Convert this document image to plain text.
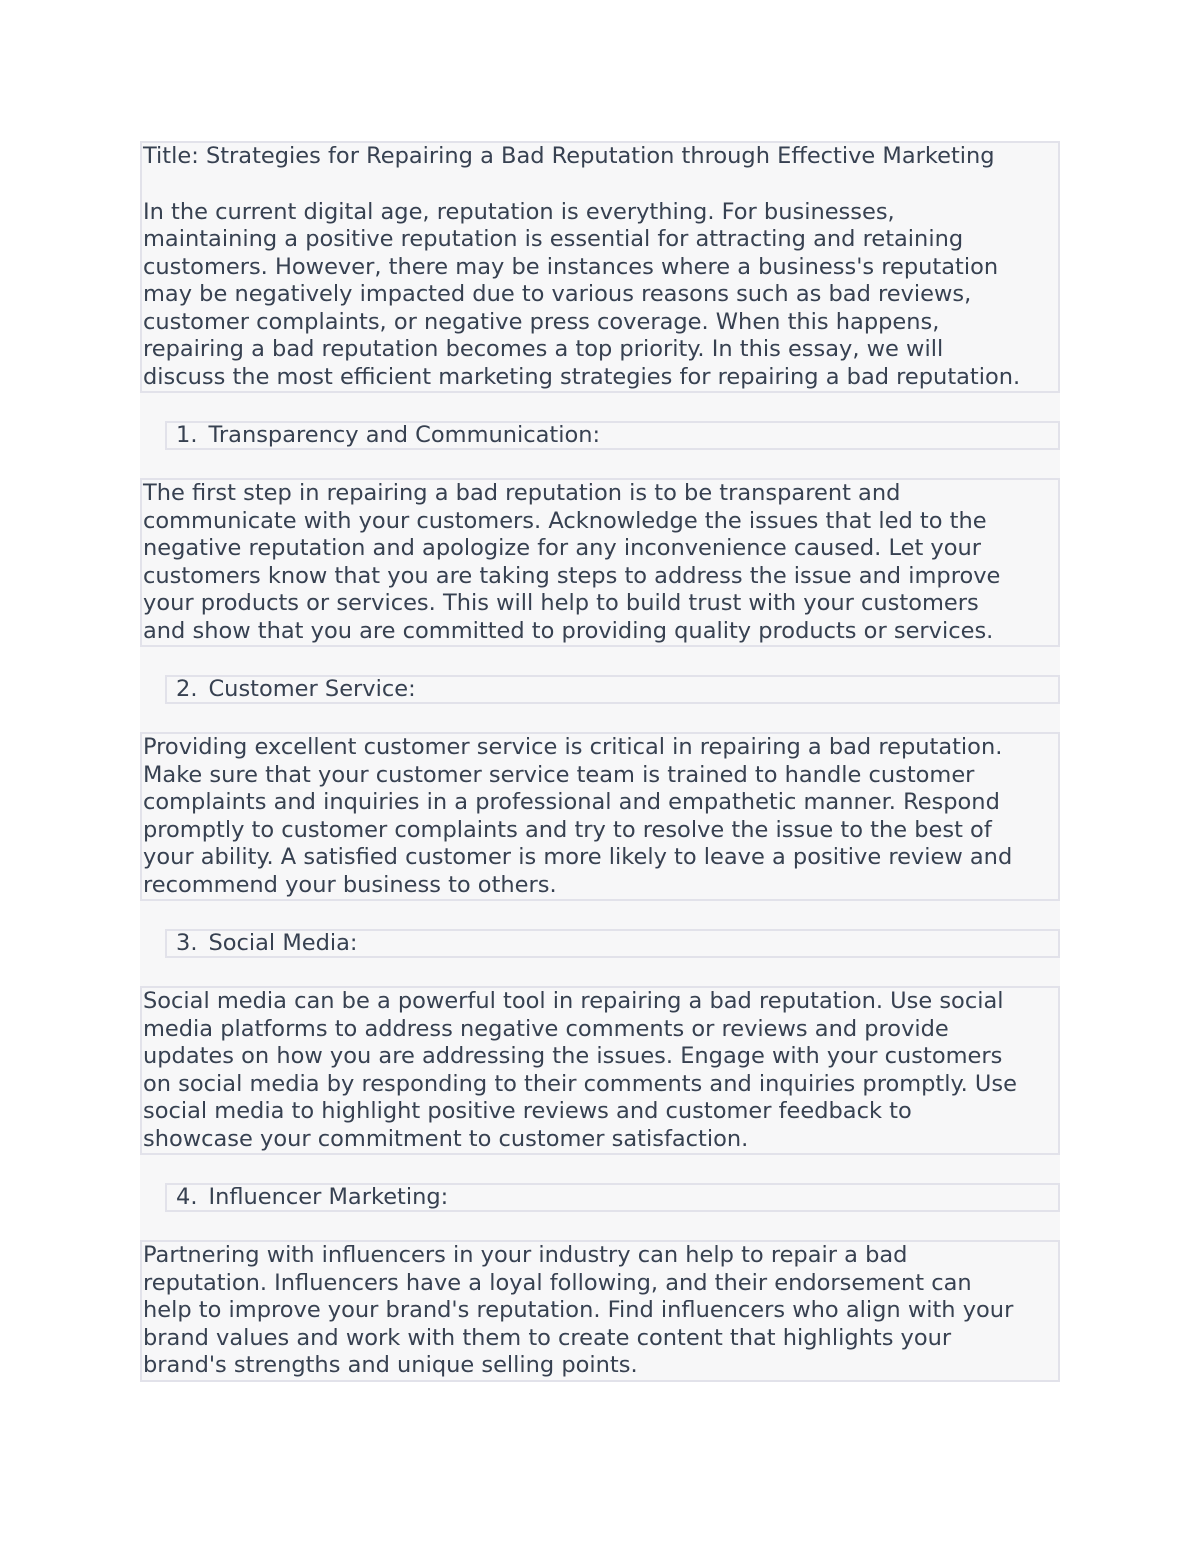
Title: Strategies for Repairing a Bad Reputation through Effective Marketing
In the current digital age, reputation is everything. For businesses,
maintaining a positive reputation is essential for attracting and retaining
customers. However, there may be instances where a business's reputation
may be negatively impacted due to various reasons such as bad reviews,
customer complaints, or negative press coverage. When this happens,
repairing a bad reputation becomes a top priority. In this essay, we will
discuss the most efficient marketing strategies for repairing a bad reputation.
1. Transparency and Communication:
The first step in repairing a bad reputation is to be transparent and
communicate with your customers. Acknowledge the issues that led to the
negative reputation and apologize for any inconvenience caused. Let your
customers know that you are taking steps to address the issue and improve
your products or services. This will help to build trust with your customers
and show that you are committed to providing quality products or services.
2. Customer Service:
Providing excellent customer service is critical in repairing a bad reputation.
Make sure that your customer service team is trained to handle customer
complaints and inquiries in a professional and empathetic manner. Respond
promptly to customer complaints and try to resolve the issue to the best of
your ability. A satisfied customer is more likely to leave a positive review and
recommend your business to others.
3. Social Media:
Social media can be a powerful tool in repairing a bad reputation. Use social
media platforms to address negative comments or reviews and provide
updates on how you are addressing the issues. Engage with your customers
on social media by responding to their comments and inquiries promptly. Use
social media to highlight positive reviews and customer feedback to
showcase your commitment to customer satisfaction.
4. Influencer Marketing:
Partnering with influencers in your industry can help to repair a bad
reputation. Influencers have a loyal following, and their endorsement can
help to improve your brand's reputation. Find influencers who align with your
brand values and work with them to create content that highlights your
brand's strengths and unique selling points.
